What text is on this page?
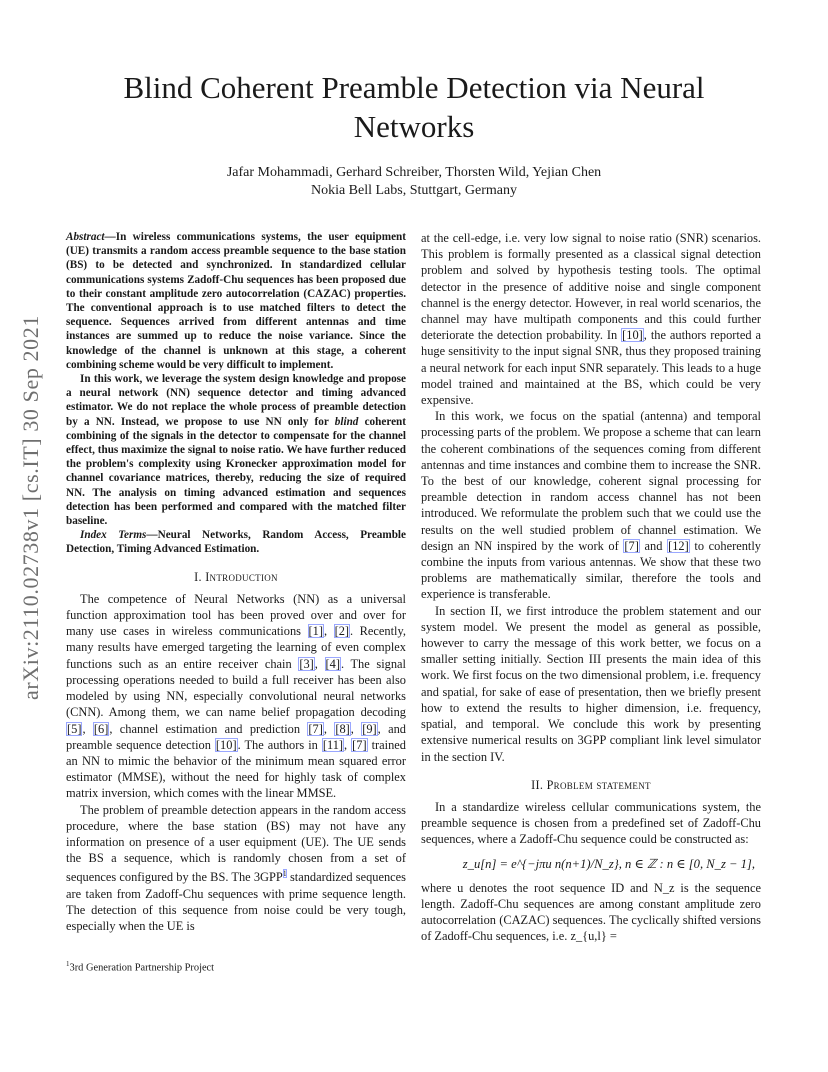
arXiv:2110.02738v1 [cs.IT] 30 Sep 2021
Blind Coherent Preamble Detection via Neural Networks
Jafar Mohammadi, Gerhard Schreiber, Thorsten Wild, Yejian Chen
Nokia Bell Labs, Stuttgart, Germany

Abstract—In wireless communications systems, the user equipment (UE) transmits a random access preamble sequence to the base station (BS) to be detected and synchronized. In standardized cellular communications systems Zadoff-Chu sequences has been proposed due to their constant amplitude zero autocorrelation (CAZAC) properties. The conventional approach is to use matched filters to detect the sequence. Sequences arrived from different antennas and time instances are summed up to reduce the noise variance. Since the knowledge of the channel is unknown at this stage, a coherent combining scheme would be very difficult to implement.

In this work, we leverage the system design knowledge and propose a neural network (NN) sequence detector and timing advanced estimator. We do not replace the whole process of preamble detection by a NN. Instead, we propose to use NN only for blind coherent combining of the signals in the detector to compensate for the channel effect, thus maximize the signal to noise ratio. We have further reduced the problem's complexity using Kronecker approximation model for channel covariance matrices, thereby, reducing the size of required NN. The analysis on timing advanced estimation and sequences detection has been performed and compared with the matched filter baseline.

Index Terms—Neural Networks, Random Access, Preamble Detection, Timing Advanced Estimation.

I. Introduction

The competence of Neural Networks (NN) as a universal function approximation tool has been proved over and over for many use cases in wireless communications [1], [2]. Recently, many results have emerged targeting the learning of even complex functions such as an entire receiver chain [3], [4]. The signal processing operations needed to build a full receiver has been also modeled by using NN, especially convolutional neural networks (CNN). Among them, we can name belief propagation decoding [5], [6], channel estimation and prediction [7], [8], [9], and preamble sequence detection [10]. The authors in [11], [7] trained an NN to mimic the behavior of the minimum mean squared error estimator (MMSE), without the need for highly task of complex matrix inversion, which comes with the linear MMSE.

The problem of preamble detection appears in the random access procedure, where the base station (BS) may not have any information on presence of a user equipment (UE). The UE sends the BS a sequence, which is randomly chosen from a set of sequences configured by the BS. The 3GPP$^1$ standardized sequences are taken from Zadoff-Chu sequences with prime sequence length. The detection of this sequence from noise could be very tough, especially when the UE is

at the cell-edge, i.e. very low signal to noise ratio (SNR) scenarios. This problem is formally presented as a classical signal detection problem and solved by hypothesis testing tools. The optimal detector in the presence of additive noise and single component channel is the energy detector. However, in real world scenarios, the channel may have multipath components and this could further deteriorate the detection probability. In [10], the authors reported a huge sensitivity to the input signal SNR, thus they proposed training a neural network for each input SNR separately. This leads to a huge model trained and maintained at the BS, which could be very expensive.

In this work, we focus on the spatial (antenna) and temporal processing parts of the problem. We propose a scheme that can learn the coherent combinations of the sequences coming from different antennas and time instances and combine them to increase the SNR. To the best of our knowledge, coherent signal processing for preamble detection in random access channel has not been introduced. We reformulate the problem such that we could use the results on the well studied problem of channel estimation. We design an NN inspired by the work of [7] and [12] to coherently combine the inputs from various antennas. We show that these two problems are mathematically similar, therefore the tools and experience is transferable.

In section II, we first introduce the problem statement and our system model. We present the model as general as possible, however to carry the message of this work better, we focus on a smaller setting initially. Section III presents the main idea of this work. We first focus on the two dimensional problem, i.e. frequency and spatial, for sake of ease of presentation, then we briefly present how to extend the results to higher dimension, i.e. frequency, spatial, and temporal. We conclude this work by presenting extensive numerical results on 3GPP compliant link level simulator in the section IV.

II. Problem statement

In a standardize wireless cellular communications system, the preamble sequence is chosen from a predefined set of Zadoff-Chu sequences, where a Zadoff-Chu sequence could be constructed as:

z_u[n] = e^{−jπu n(n+1)/N_z}, n ∈ ℤ : n ∈ [0, N_z − 1],

where u denotes the root sequence ID and N_z is the sequence length. Zadoff-Chu sequences are among constant amplitude zero autocorrelation (CAZAC) sequences. The cyclically shifted versions of Zadoff-Chu sequences, i.e. z_{u,l} =

$^1$3rd Generation Partnership Project
